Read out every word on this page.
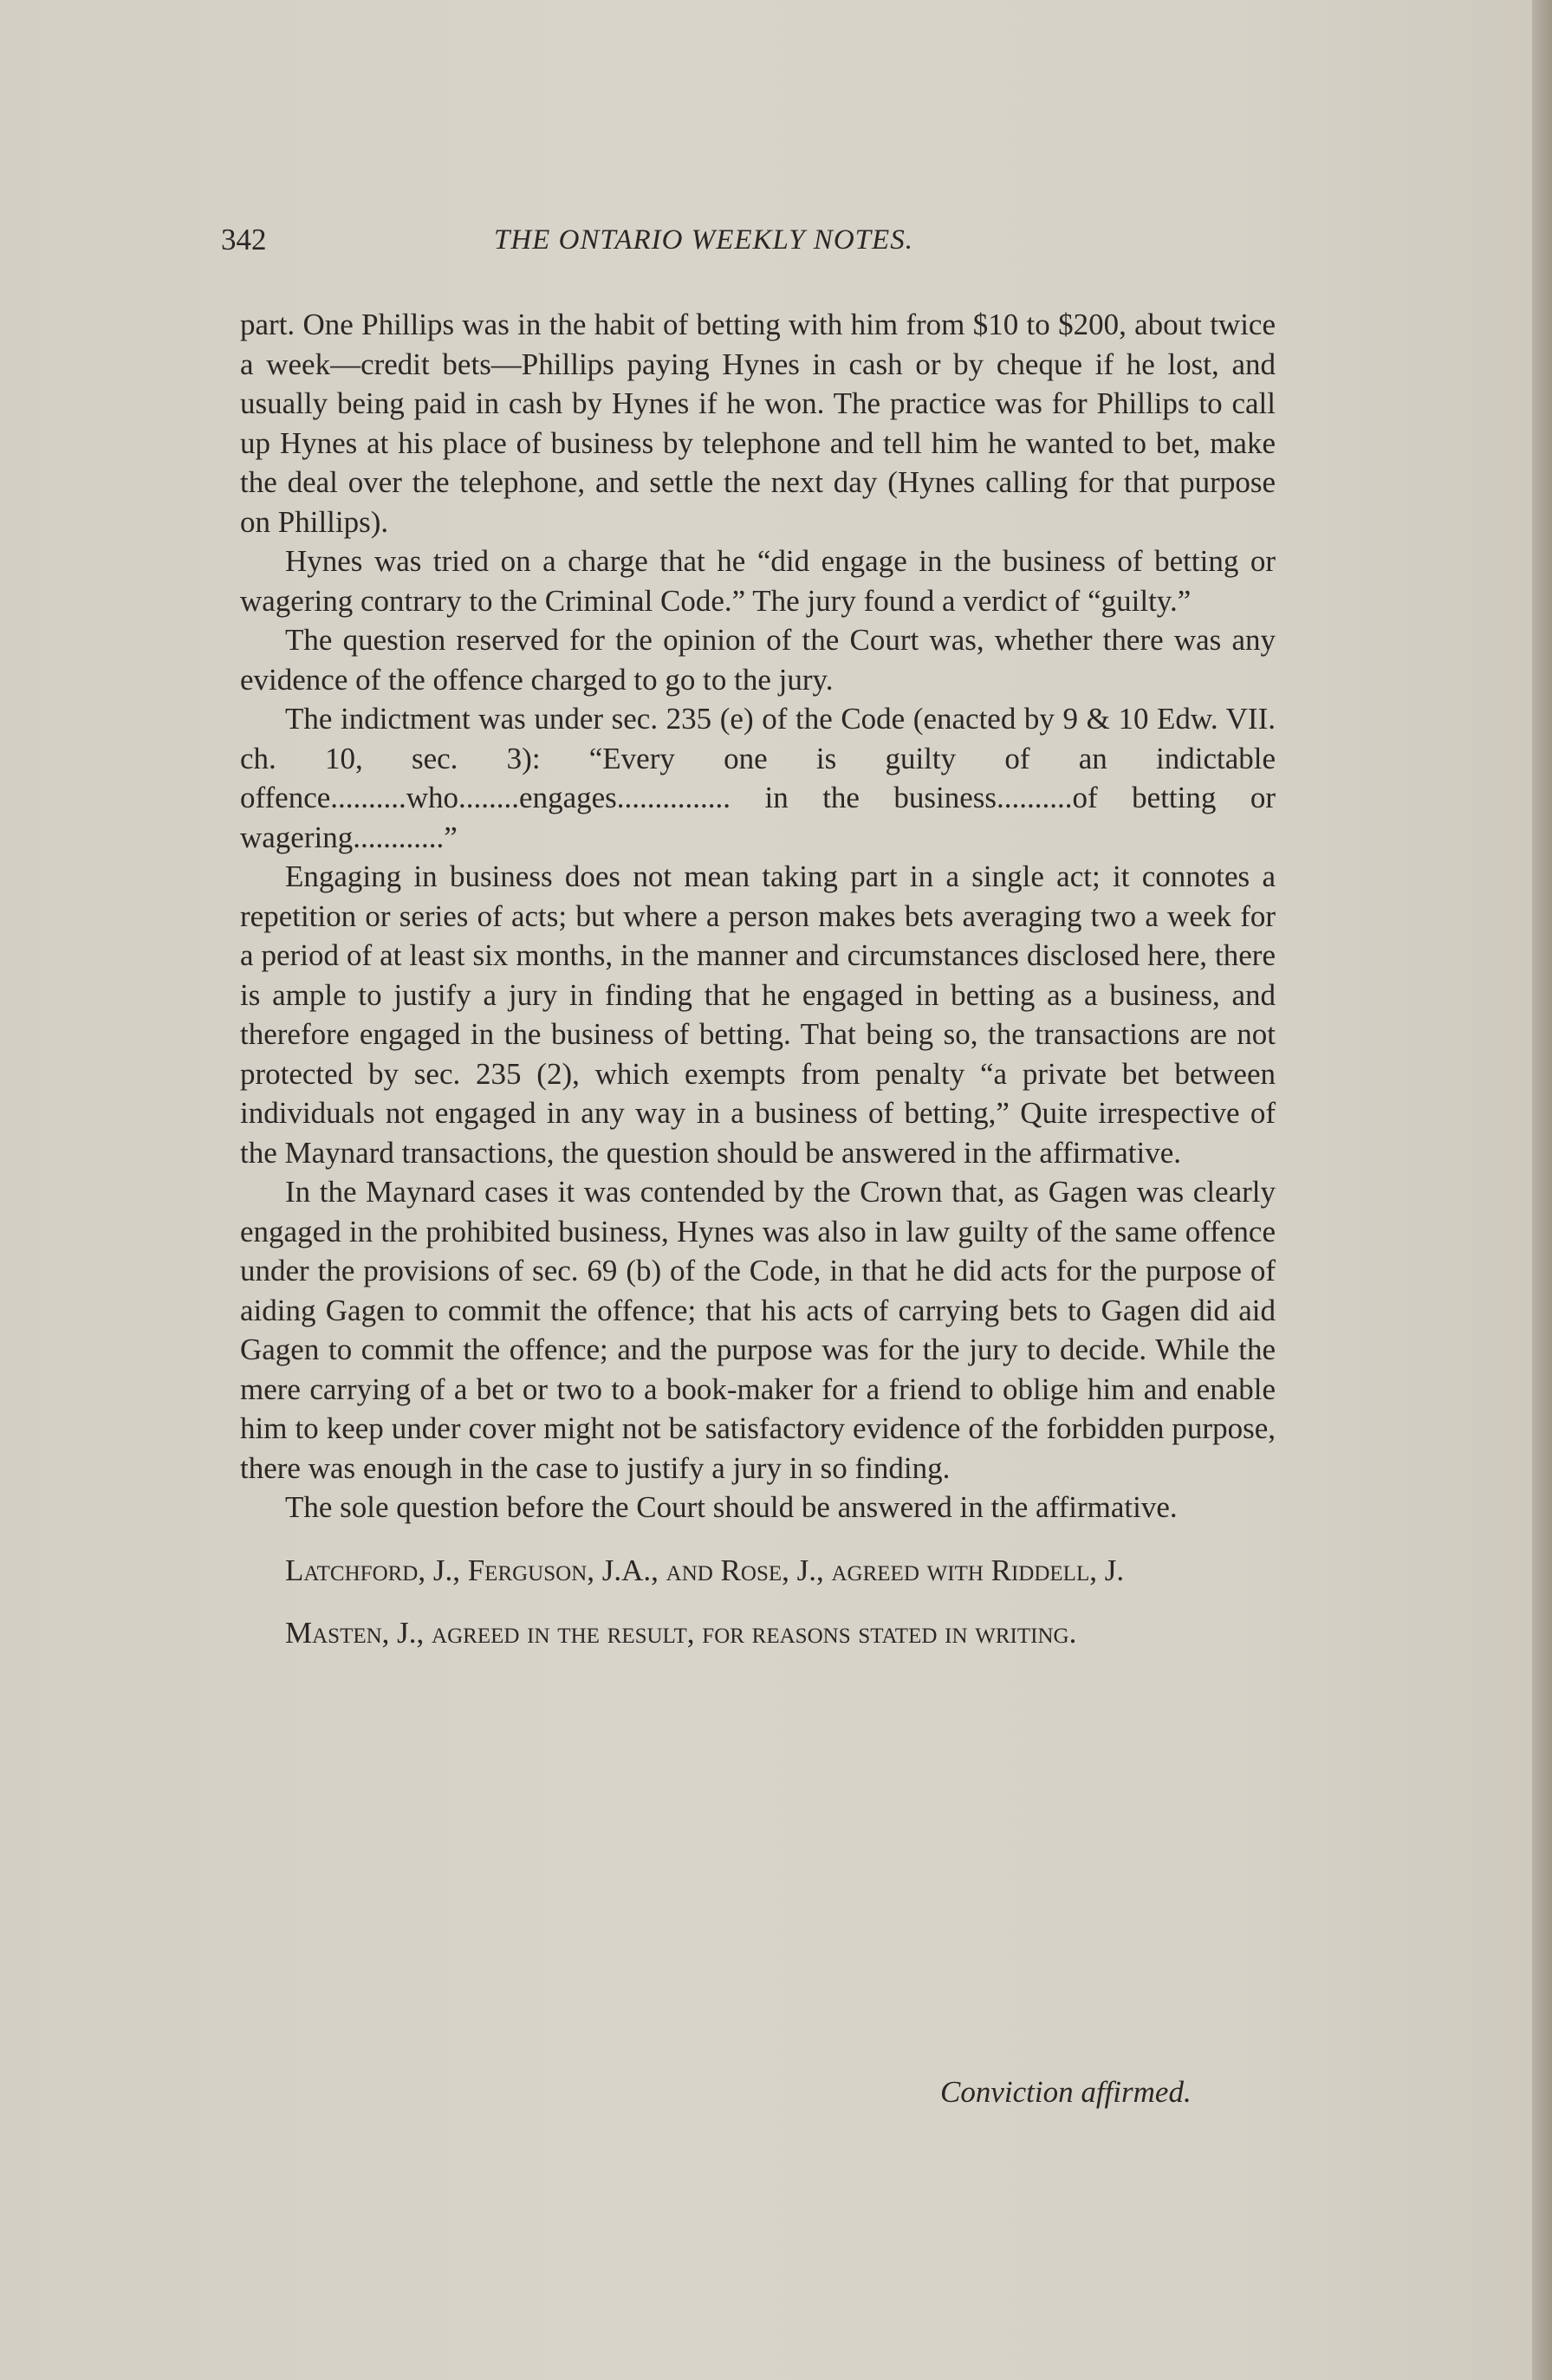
342	THE ONTARIO WEEKLY NOTES.

part. One Phillips was in the habit of betting with him from $10 to $200, about twice a week—credit bets—Phillips paying Hynes in cash or by cheque if he lost, and usually being paid in cash by Hynes if he won. The practice was for Phillips to call up Hynes at his place of business by telephone and tell him he wanted to bet, make the deal over the telephone, and settle the next day (Hynes calling for that purpose on Phillips).

Hynes was tried on a charge that he “did engage in the business of betting or wagering contrary to the Criminal Code.” The jury found a verdict of “guilty.”

The question reserved for the opinion of the Court was, whether there was any evidence of the offence charged to go to the jury.

The indictment was under sec. 235 (e) of the Code (enacted by 9 & 10 Edw. VII. ch. 10, sec. 3): “Every one is guilty of an indictable offence..........who........engages............... in the business..........of betting or wagering............”

Engaging in business does not mean taking part in a single act; it connotes a repetition or series of acts; but where a person makes bets averaging two a week for a period of at least six months, in the manner and circumstances disclosed here, there is ample to justify a jury in finding that he engaged in betting as a business, and therefore engaged in the business of betting. That being so, the transactions are not protected by sec. 235 (2), which exempts from penalty “a private bet between individuals not engaged in any way in a business of betting,” Quite irrespective of the Maynard transactions, the question should be answered in the affirmative.

In the Maynard cases it was contended by the Crown that, as Gagen was clearly engaged in the prohibited business, Hynes was also in law guilty of the same offence under the provisions of sec. 69 (b) of the Code, in that he did acts for the purpose of aiding Gagen to commit the offence; that his acts of carrying bets to Gagen did aid Gagen to commit the offence; and the purpose was for the jury to decide. While the mere carrying of a bet or two to a book-maker for a friend to oblige him and enable him to keep under cover might not be satisfactory evidence of the forbidden purpose, there was enough in the case to justify a jury in so finding.

The sole question before the Court should be answered in the affirmative.

Latchford, J., Ferguson, J.A., and Rose, J., agreed with Riddell, J.

Masten, J., agreed in the result, for reasons stated in writing.

Conviction affirmed.
